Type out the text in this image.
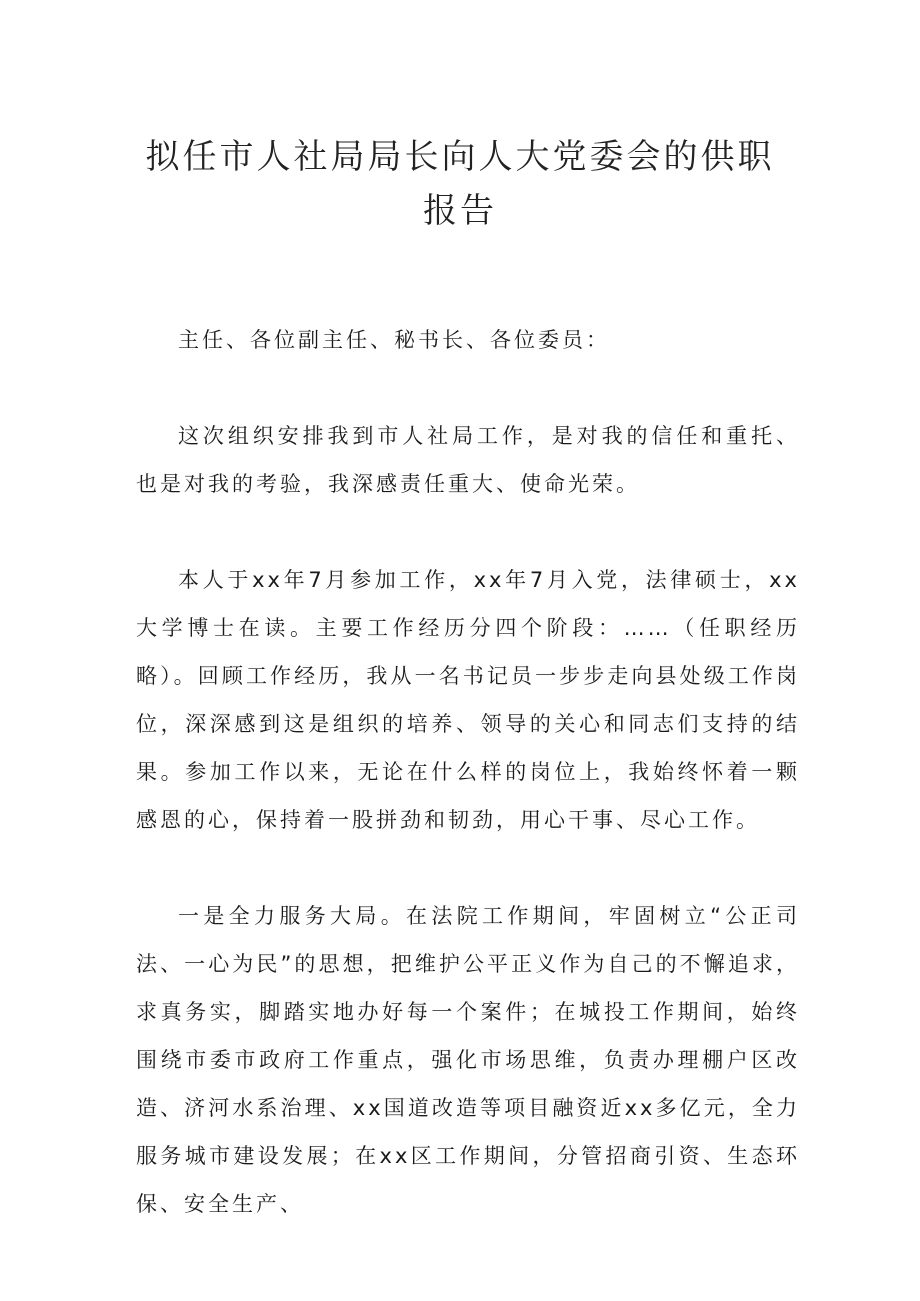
拟任市人社局局长向人大党委会的供职报告

主任、各位副主任、秘书长、各位委员：

这次组织安排我到市人社局工作，是对我的信任和重托、也是对我的考验，我深感责任重大、使命光荣。

本人于xx年7月参加工作，xx年7月入党，法律硕士，xx大学博士在读。主要工作经历分四个阶段：……（任职经历略）。回顾工作经历，我从一名书记员一步步走向县处级工作岗位，深深感到这是组织的培养、领导的关心和同志们支持的结果。参加工作以来，无论在什么样的岗位上，我始终怀着一颗感恩的心，保持着一股拼劲和韧劲，用心干事、尽心工作。

一是全力服务大局。在法院工作期间，牢固树立“公正司法、一心为民”的思想，把维护公平正义作为自己的不懈追求，求真务实，脚踏实地办好每一个案件；在城投工作期间，始终围绕市委市政府工作重点，强化市场思维，负责办理棚户区改造、济河水系治理、xx国道改造等项目融资近xx多亿元，全力服务城市建设发展；在xx区工作期间，分管招商引资、生态环保、安全生产、
